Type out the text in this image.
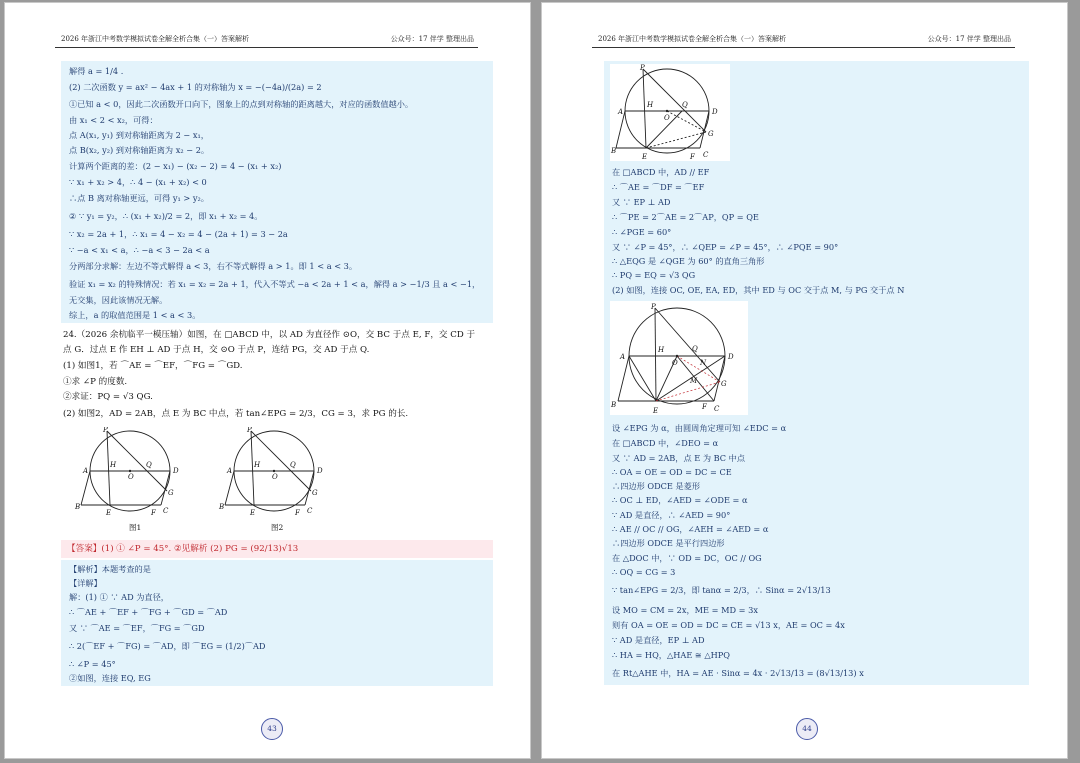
2026 年浙江中考数学模拟试卷全解全析合集（一）答案解析	公众号：17 伴学 整理出品
解得 a = 1/4 .
(2) 二次函数 y = ax² − 4ax + 1 的对称轴为 x = −(−4a)/(2a) = 2
①已知 a < 0，因此二次函数开口向下，图象上的点到对称轴的距离越大，对应的函数值越小。
由 x₁ < 2 < x₂，可得：
点 A(x₁, y₁) 到对称轴距离为 2 − x₁，
点 B(x₂, y₂) 到对称轴距离为 x₂ − 2。
计算两个距离的差：(2 − x₁) − (x₂ − 2) = 4 − (x₁ + x₂)
∵ x₁ + x₂ > 4，∴ 4 − (x₁ + x₂) < 0
∴点 B 离对称轴更远，可得 y₁ > y₂。
② ∵ y₁ = y₂，∴ (x₁ + x₂)/2 = 2，即 x₁ + x₂ = 4。
∵ x₂ = 2a + 1，∴ x₁ = 4 − x₂ = 4 − (2a + 1) = 3 − 2a
∵ −a < x₁ < a，∴ −a < 3 − 2a < a
分两部分求解：左边不等式解得 a < 3，右不等式解得 a > 1。即 1 < a < 3。
验证 x₁ = x₂ 的特殊情况：若 x₁ = x₂ = 2a + 1，代入不等式 −a < 2a + 1 < a，解得 a > −1/3 且 a < −1，
无交集，因此该情况无解。
综上，a 的取值范围是 1 < a < 3。
24.（2026 余杭临平一模压轴）如图，在 □ABCD 中，以 AD 为直径作 ⊙O，交 BC 于点 E, F，交 CD 于
点 G．过点 E 作 EH ⊥ AD 于点 H，交 ⊙O 于点 P，连结 PG，交 AD 于点 Q.
(1) 如图1，若 ⌒AE = ⌒EF，⌒FG = ⌒GD.
①求 ∠P 的度数.
②求证：PQ = √3 QG.
(2) 如图2，AD = 2AB，点 E 为 BC 中点，若 tan∠EPG = 2/3，CG = 3，求 PG 的长.
P
A
H
O
Q
D
G
B
E	F C
图1
P
A
H
O
Q
D
G
B
E	F C
图2
【答案】(1) ① ∠P = 45°. ②见解析 (2) PG = (92/13)√13
【解析】本题考查的是
【详解】
解：(1) ① ∵ AD 为直径，
∴ ⌒AE + ⌒EF + ⌒FG + ⌒GD = ⌒AD
又 ∵ ⌒AE = ⌒EF，⌒FG = ⌒GD
∴ 2(⌒EF + ⌒FG) = ⌒AD，即 ⌒EG = (1/2)⌒AD
∴ ∠P = 45°
②如图，连接 EQ, EG
43
2026 年浙江中考数学模拟试卷全解全析合集（一）答案解析	公众号：17 伴学 整理出品
P
A
H
O
Q
D
G
B
E	F C
在 □ABCD 中，AD // EF
∴ ⌒AE = ⌒DF = ⌒EF
又 ∵ EP ⊥ AD
∴ ⌒PE = 2⌒AE = 2⌒AP，QP = QE
∴ ∠PGE = 60°
又 ∵ ∠P = 45°，∴ ∠QEP = ∠P = 45°，∴ ∠PQE = 90°
∴ △EQG 是 ∠QGE 为 60° 的直角三角形
∴ PQ = EQ = √3 QG
(2) 如图，连接 OC, OE, EA, ED，其中 ED 与 OC 交于点 M, 与 PG 交于点 N
P
A
H
O
Q
N
D
M	G
B
E	F C
设 ∠EPG 为 α，由圆周角定理可知 ∠EDC = α
在 □ABCD 中，∠DEO = α
又 ∵ AD = 2AB，点 E 为 BC 中点
∴ OA = OE = OD = DC = CE
∴四边形 ODCE 是菱形
∴ OC ⊥ ED，∠AED = ∠ODE = α
∵ AD 是直径，∴ ∠AED = 90°
∴ AE // OC // OG，∠AEH = ∠AED = α
∴四边形 ODCE 是平行四边形
在 △DOC 中，∵ OD = DC，OC // OG
∴ OQ = CG = 3
∵ tan∠EPG = 2/3，即 tanα = 2/3，∴ Sinα = 2√13/13
设 MO = CM = 2x，ME = MD = 3x
则有 OA = OE = OD = DC = CE = √13 x，AE = OC = 4x
∵ AD 是直径，EP ⊥ AD
∴ HA = HQ，△HAE ≅ △HPQ
在 Rt△AHE 中，HA = AE · Sinα = 4x · 2√13/13 = (8√13/13) x
44
